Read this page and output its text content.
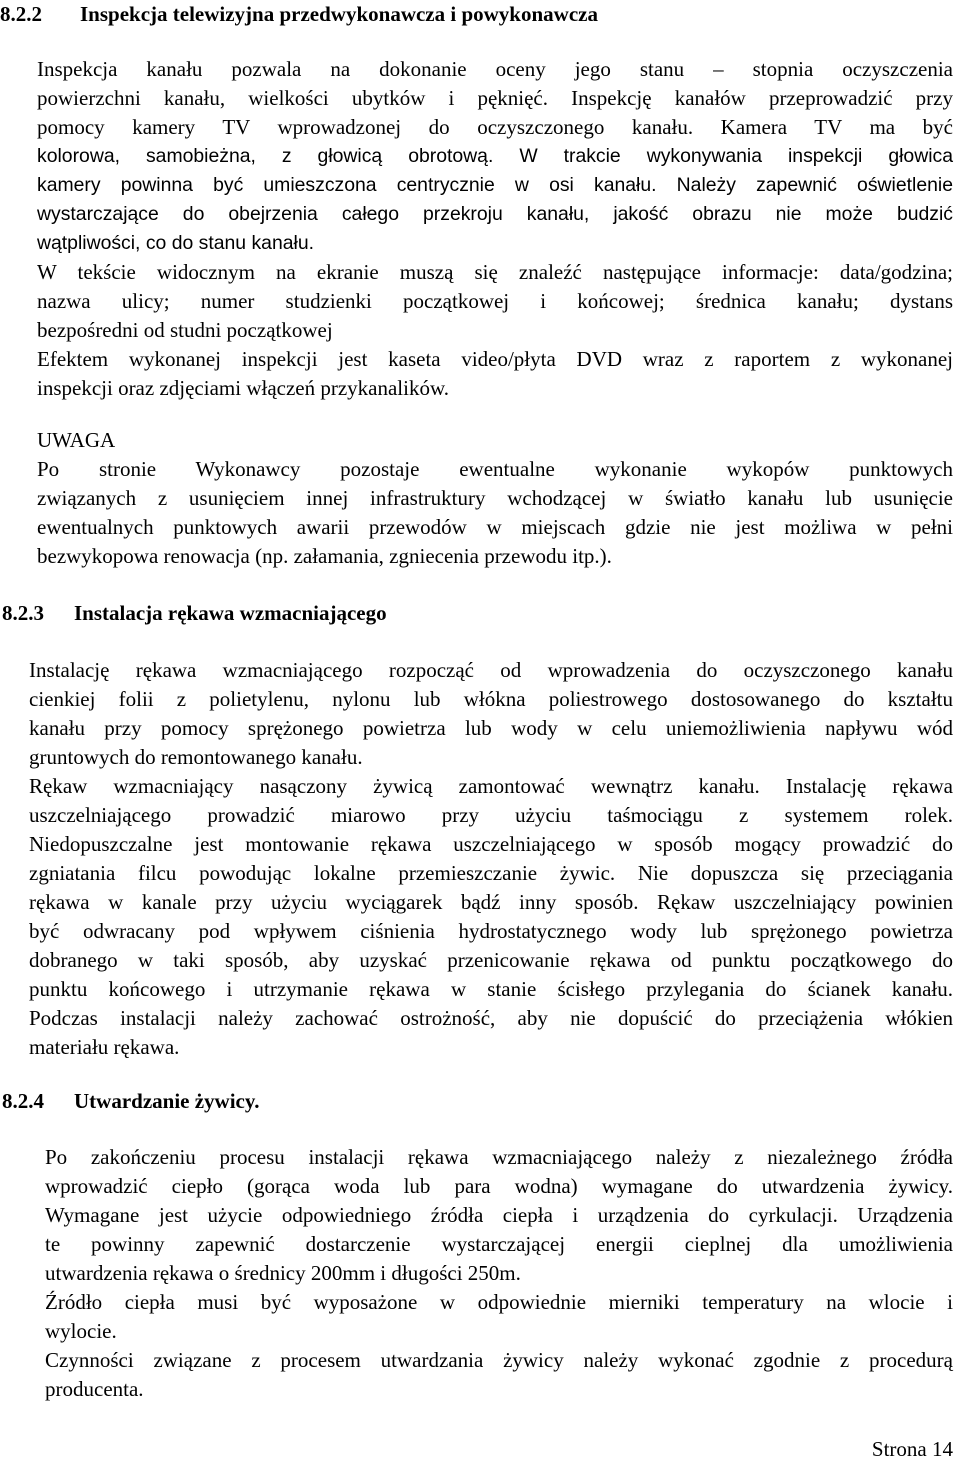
8.2.2 Inspekcja telewizyjna przedwykonawcza i powykonawcza
Inspekcja kanału pozwala na dokonanie oceny jego stanu – stopnia oczyszczenia
powierzchni kanału, wielkości ubytków i pęknięć. Inspekcję kanałów przeprowadzić przy
pomocy kamery TV wprowadzonej do oczyszczonego kanału. Kamera TV ma być
kolorowa, samobieżna, z głowicą obrotową. W trakcie wykonywania inspekcji głowica
kamery powinna być umieszczona centrycznie w osi kanału. Należy zapewnić oświetlenie
wystarczające do obejrzenia całego przekroju kanału, jakość obrazu nie może budzić
wątpliwości, co do stanu kanału.
W tekście widocznym na ekranie muszą się znaleźć następujące informacje: data/godzina;
nazwa ulicy; numer studzienki początkowej i końcowej; średnica kanału; dystans
bezpośredni od studni początkowej
Efektem wykonanej inspekcji jest kaseta video/płyta DVD wraz z raportem z wykonanej
inspekcji oraz zdjęciami włączeń przykanalików.
UWAGA
Po stronie Wykonawcy pozostaje ewentualne wykonanie wykopów punktowych
związanych z usunięciem innej infrastruktury wchodzącej w światło kanału lub usunięcie
ewentualnych punktowych awarii przewodów w miejscach gdzie nie jest możliwa w pełni
bezwykopowa renowacja (np. załamania, zgniecenia przewodu itp.).
8.2.3 Instalacja rękawa wzmacniającego
Instalację rękawa wzmacniającego rozpocząć od wprowadzenia do oczyszczonego kanału
cienkiej folii z polietylenu, nylonu lub włókna poliestrowego dostosowanego do kształtu
kanału przy pomocy sprężonego powietrza lub wody w celu uniemożliwienia napływu wód
gruntowych do remontowanego kanału.
Rękaw wzmacniający nasączony żywicą zamontować wewnątrz kanału. Instalację rękawa
uszczelniającego prowadzić miarowo przy użyciu taśmociągu z systemem rolek.
Niedopuszczalne jest montowanie rękawa uszczelniającego w sposób mogący prowadzić do
zgniatania filcu powodując lokalne przemieszczanie żywic. Nie dopuszcza się przeciągania
rękawa w kanale przy użyciu wyciągarek bądź inny sposób. Rękaw uszczelniający powinien
być odwracany pod wpływem ciśnienia hydrostatycznego wody lub sprężonego powietrza
dobranego w taki sposób, aby uzyskać przenicowanie rękawa od punktu początkowego do
punktu końcowego i utrzymanie rękawa w stanie ścisłego przylegania do ścianek kanału.
Podczas instalacji należy zachować ostrożność, aby nie dopuścić do przeciążenia włókien
materiału rękawa.
8.2.4 Utwardzanie żywicy.
Po zakończeniu procesu instalacji rękawa wzmacniającego należy z niezależnego źródła
wprowadzić ciepło (gorąca woda lub para wodna) wymagane do utwardzenia żywicy.
Wymagane jest użycie odpowiedniego źródła ciepła i urządzenia do cyrkulacji. Urządzenia
te powinny zapewnić dostarczenie wystarczającej energii cieplnej dla umożliwienia
utwardzenia rękawa o średnicy 200mm i długości 250m.
Źródło ciepła musi być wyposażone w odpowiednie mierniki temperatury na wlocie i
wylocie.
Czynności związane z procesem utwardzania żywicy należy wykonać zgodnie z procedurą
producenta.
Strona 14
